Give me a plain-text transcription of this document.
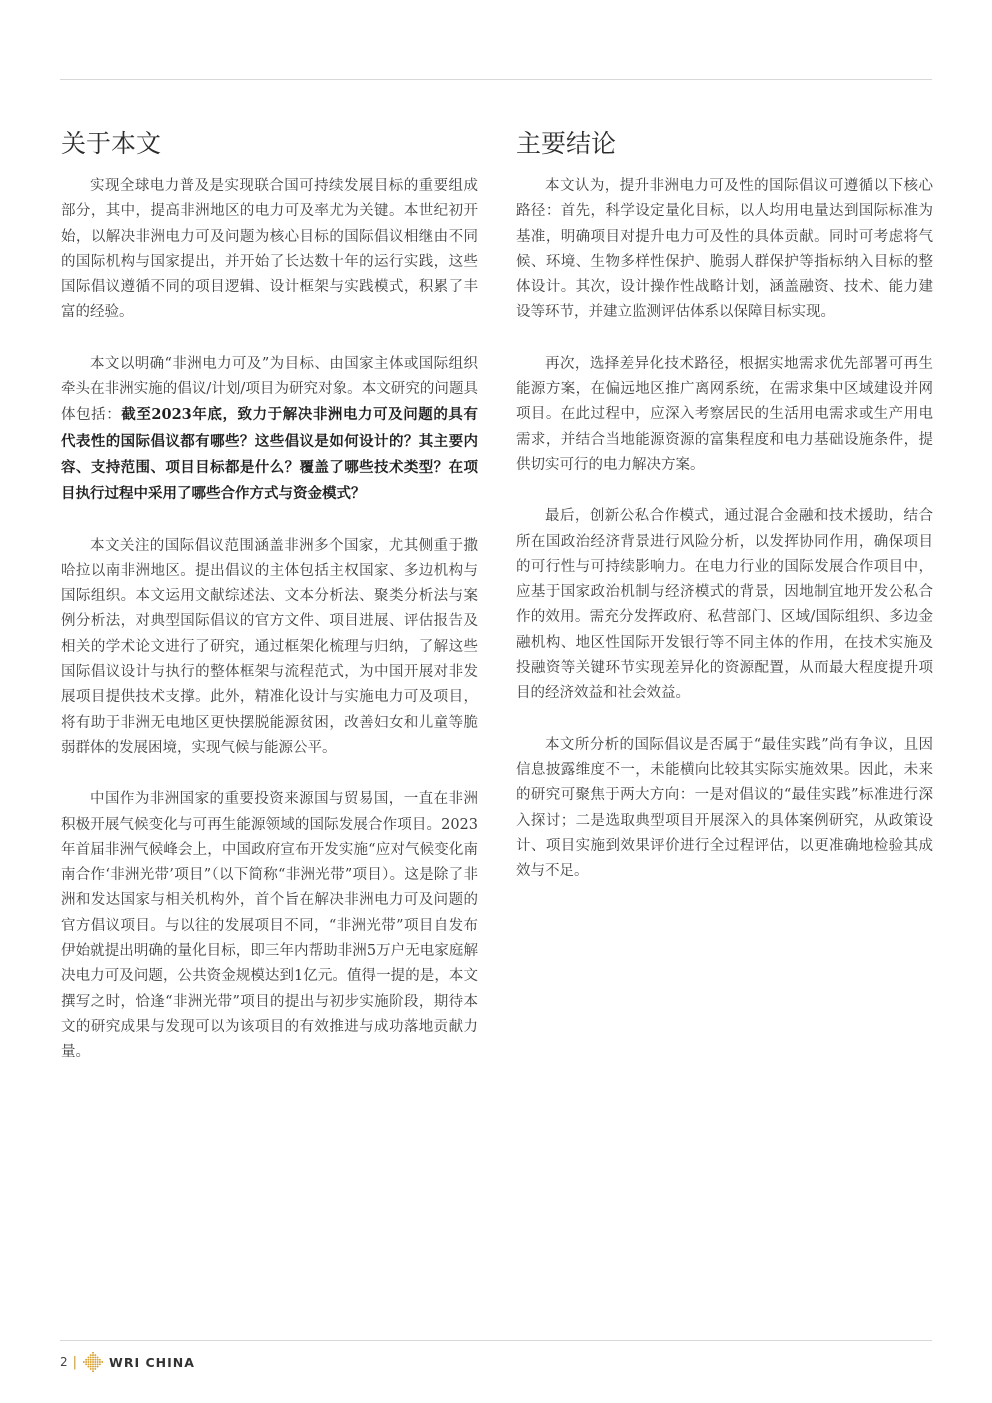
关于本文

实现全球电力普及是实现联合国可持续发展目标的重要组成部分，其中，提高非洲地区的电力可及率尤为关键。本世纪初开始，以解决非洲电力可及问题为核心目标的国际倡议相继由不同的国际机构与国家提出，并开始了长达数十年的运行实践，这些国际倡议遵循不同的项目逻辑、设计框架与实践模式，积累了丰富的经验。

本文以明确“非洲电力可及”为目标、由国家主体或国际组织牵头在非洲实施的倡议/计划/项目为研究对象。本文研究的问题具体包括：截至2023年底，致力于解决非洲电力可及问题的具有代表性的国际倡议都有哪些？这些倡议是如何设计的？其主要内容、支持范围、项目目标都是什么？覆盖了哪些技术类型？在项目执行过程中采用了哪些合作方式与资金模式？

本文关注的国际倡议范围涵盖非洲多个国家，尤其侧重于撒哈拉以南非洲地区。提出倡议的主体包括主权国家、多边机构与国际组织。本文运用文献综述法、文本分析法、聚类分析法与案例分析法，对典型国际倡议的官方文件、项目进展、评估报告及相关的学术论文进行了研究，通过框架化梳理与归纳，了解这些国际倡议设计与执行的整体框架与流程范式，为中国开展对非发展项目提供技术支撑。此外，精准化设计与实施电力可及项目，将有助于非洲无电地区更快摆脱能源贫困，改善妇女和儿童等脆弱群体的发展困境，实现气候与能源公平。

中国作为非洲国家的重要投资来源国与贸易国，一直在非洲积极开展气候变化与可再生能源领域的国际发展合作项目。2023年首届非洲气候峰会上，中国政府宣布开发实施“应对气候变化南南合作‘非洲光带’项目”（以下简称“非洲光带”项目）。这是除了非洲和发达国家与相关机构外，首个旨在解决非洲电力可及问题的官方倡议项目。与以往的发展项目不同，“非洲光带”项目自发布伊始就提出明确的量化目标，即三年内帮助非洲5万户无电家庭解决电力可及问题，公共资金规模达到1亿元。值得一提的是，本文撰写之时，恰逢“非洲光带”项目的提出与初步实施阶段，期待本文的研究成果与发现可以为该项目的有效推进与成功落地贡献力量。

主要结论

本文认为，提升非洲电力可及性的国际倡议可遵循以下核心路径：首先，科学设定量化目标，以人均用电量达到国际标准为基准，明确项目对提升电力可及性的具体贡献。同时可考虑将气候、环境、生物多样性保护、脆弱人群保护等指标纳入目标的整体设计。其次，设计操作性战略计划，涵盖融资、技术、能力建设等环节，并建立监测评估体系以保障目标实现。

再次，选择差异化技术路径，根据实地需求优先部署可再生能源方案，在偏远地区推广离网系统，在需求集中区域建设并网项目。在此过程中，应深入考察居民的生活用电需求或生产用电需求，并结合当地能源资源的富集程度和电力基础设施条件，提供切实可行的电力解决方案。

最后，创新公私合作模式，通过混合金融和技术援助，结合所在国政治经济背景进行风险分析，以发挥协同作用，确保项目的可行性与可持续影响力。在电力行业的国际发展合作项目中，应基于国家政治机制与经济模式的背景，因地制宜地开发公私合作的效用。需充分发挥政府、私营部门、区域/国际组织、多边金融机构、地区性国际开发银行等不同主体的作用，在技术实施及投融资等关键环节实现差异化的资源配置，从而最大程度提升项目的经济效益和社会效益。

本文所分析的国际倡议是否属于“最佳实践”尚有争议，且因信息披露维度不一，未能横向比较其实际实施效果。因此，未来的研究可聚焦于两大方向：一是对倡议的“最佳实践”标准进行深入探讨；二是选取典型项目开展深入的具体案例研究，从政策设计、项目实施到效果评价进行全过程评估，以更准确地检验其成效与不足。

2 |	WRI CHINA
